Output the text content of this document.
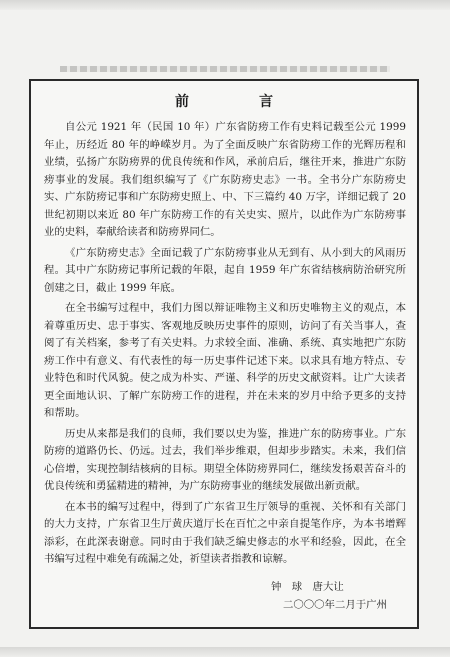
前　言

自公元 1921 年（民国 10 年）广东省防痨工作有史料记载至公元 1999 年止，历经近 80 年的峥嵘岁月。为了全面反映广东省防痨工作的光辉历程和业绩，弘扬广东防痨界的优良传统和作风，承前启后，继往开来，推进广东防痨事业的发展。我们组织编写了《广东防痨史志》一书。全书分广东防痨史实、广东防痨记事和广东防痨史照上、中、下三篇约 40 万字，详细记载了 20 世纪初期以来近 80 年广东防痨工作的有关史实、照片，以此作为广东防痨事业的史料，奉献给读者和防痨界同仁。

《广东防痨史志》全面记载了广东防痨事业从无到有、从小到大的风雨历程。其中广东防痨记事所记载的年限，起自 1959 年广东省结核病防治研究所创建之日，截止 1999 年底。

在全书编写过程中，我们力图以辩证唯物主义和历史唯物主义的观点，本着尊重历史、忠于事实、客观地反映历史事件的原则，访问了有关当事人，查阅了有关档案，参考了有关史料。力求较全面、准确、系统、真实地把广东防痨工作中有意义、有代表性的每一历史事件记述下来。以求具有地方特点、专业特色和时代风貌。使之成为朴实、严谨、科学的历史文献资料。让广大读者更全面地认识、了解广东防痨工作的进程，并在未来的岁月中给予更多的支持和帮助。

历史从来都是我们的良师，我们要以史为鉴，推进广东的防痨事业。广东防痨的道路仍长、仍远。过去，我们举步维艰，但却步步踏实。未来，我们信心倍增，实现控制结核病的目标。期望全体防痨界同仁，继续发扬艰苦奋斗的优良传统和勇猛精进的精神，为广东防痨事业的继续发展做出新贡献。

在本书的编写过程中，得到了广东省卫生厅领导的重视、关怀和有关部门的大力支持，广东省卫生厅黄庆道厅长在百忙之中亲自提笔作序，为本书增辉添彩，在此深表谢意。同时由于我们缺乏编史修志的水平和经验，因此，在全书编写过程中难免有疏漏之处，祈望读者指教和谅解。

钟　球　唐大让
二〇〇〇年二月于广州
